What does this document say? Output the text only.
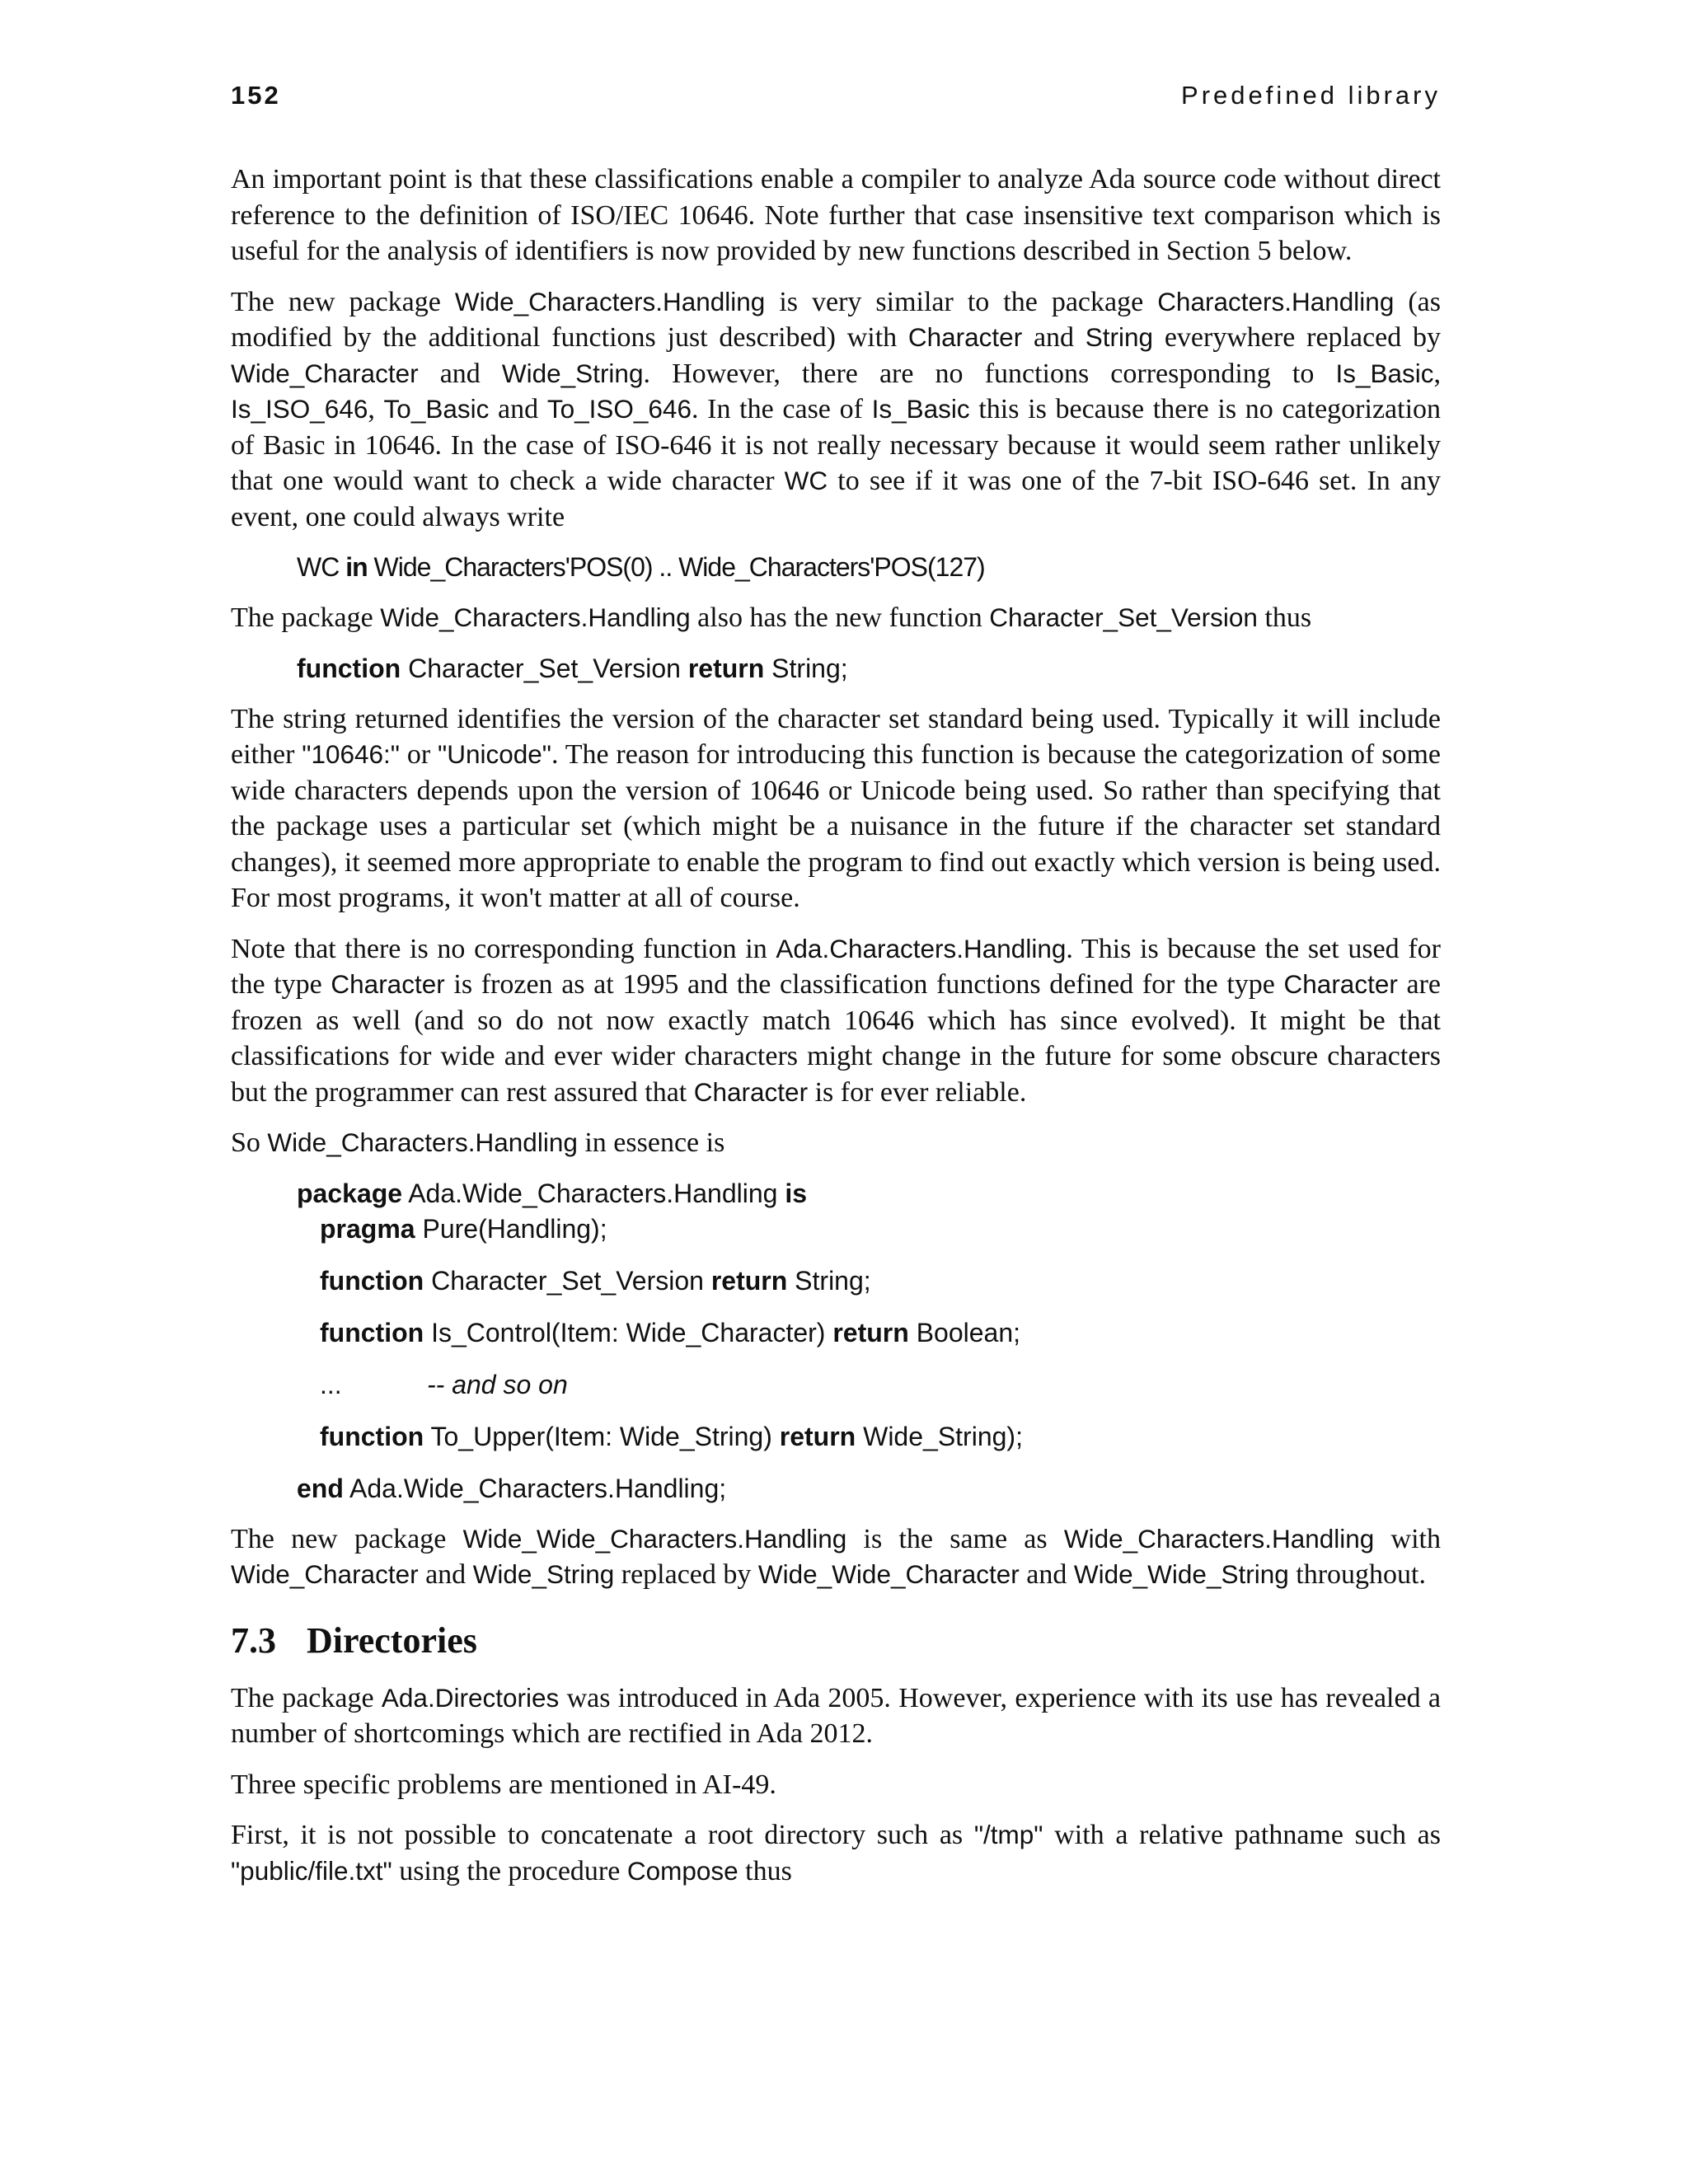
152	Predefined library

An important point is that these classifications enable a compiler to analyze Ada source code without direct reference to the definition of ISO/IEC 10646. Note further that case insensitive text comparison which is useful for the analysis of identifiers is now provided by new functions described in Section 5 below.

The new package Wide_Characters.Handling is very similar to the package Characters.Handling (as modified by the additional functions just described) with Character and String everywhere replaced by Wide_Character and Wide_String. However, there are no functions corresponding to Is_Basic, Is_ISO_646, To_Basic and To_ISO_646. In the case of Is_Basic this is because there is no categorization of Basic in 10646. In the case of ISO-646 it is not really necessary because it would seem rather unlikely that one would want to check a wide character WC to see if it was one of the 7-bit ISO-646 set. In any event, one could always write

WC in Wide_Characters'POS(0) .. Wide_Characters'POS(127)

The package Wide_Characters.Handling also has the new function Character_Set_Version thus

function Character_Set_Version return String;

The string returned identifies the version of the character set standard being used. Typically it will include either "10646:" or "Unicode". The reason for introducing this function is because the categorization of some wide characters depends upon the version of 10646 or Unicode being used. So rather than specifying that the package uses a particular set (which might be a nuisance in the future if the character set standard changes), it seemed more appropriate to enable the program to find out exactly which version is being used. For most programs, it won't matter at all of course.

Note that there is no corresponding function in Ada.Characters.Handling. This is because the set used for the type Character is frozen as at 1995 and the classification functions defined for the type Character are frozen as well (and so do not now exactly match 10646 which has since evolved). It might be that classifications for wide and ever wider characters might change in the future for some obscure characters but the programmer can rest assured that Character is for ever reliable.

So Wide_Characters.Handling in essence is

package Ada.Wide_Characters.Handling is

pragma Pure(Handling);

function Character_Set_Version return String;

function Is_Control(Item: Wide_Character) return Boolean;

...	-- and so on

function To_Upper(Item: Wide_String) return Wide_String);

end Ada.Wide_Characters.Handling;

The new package Wide_Wide_Characters.Handling is the same as Wide_Characters.Handling with Wide_Character and Wide_String replaced by Wide_Wide_Character and Wide_Wide_String throughout.

7.3 Directories

The package Ada.Directories was introduced in Ada 2005. However, experience with its use has revealed a number of shortcomings which are rectified in Ada 2012.

Three specific problems are mentioned in AI-49.

First, it is not possible to concatenate a root directory such as "/tmp" with a relative pathname such as "public/file.txt" using the procedure Compose thus
